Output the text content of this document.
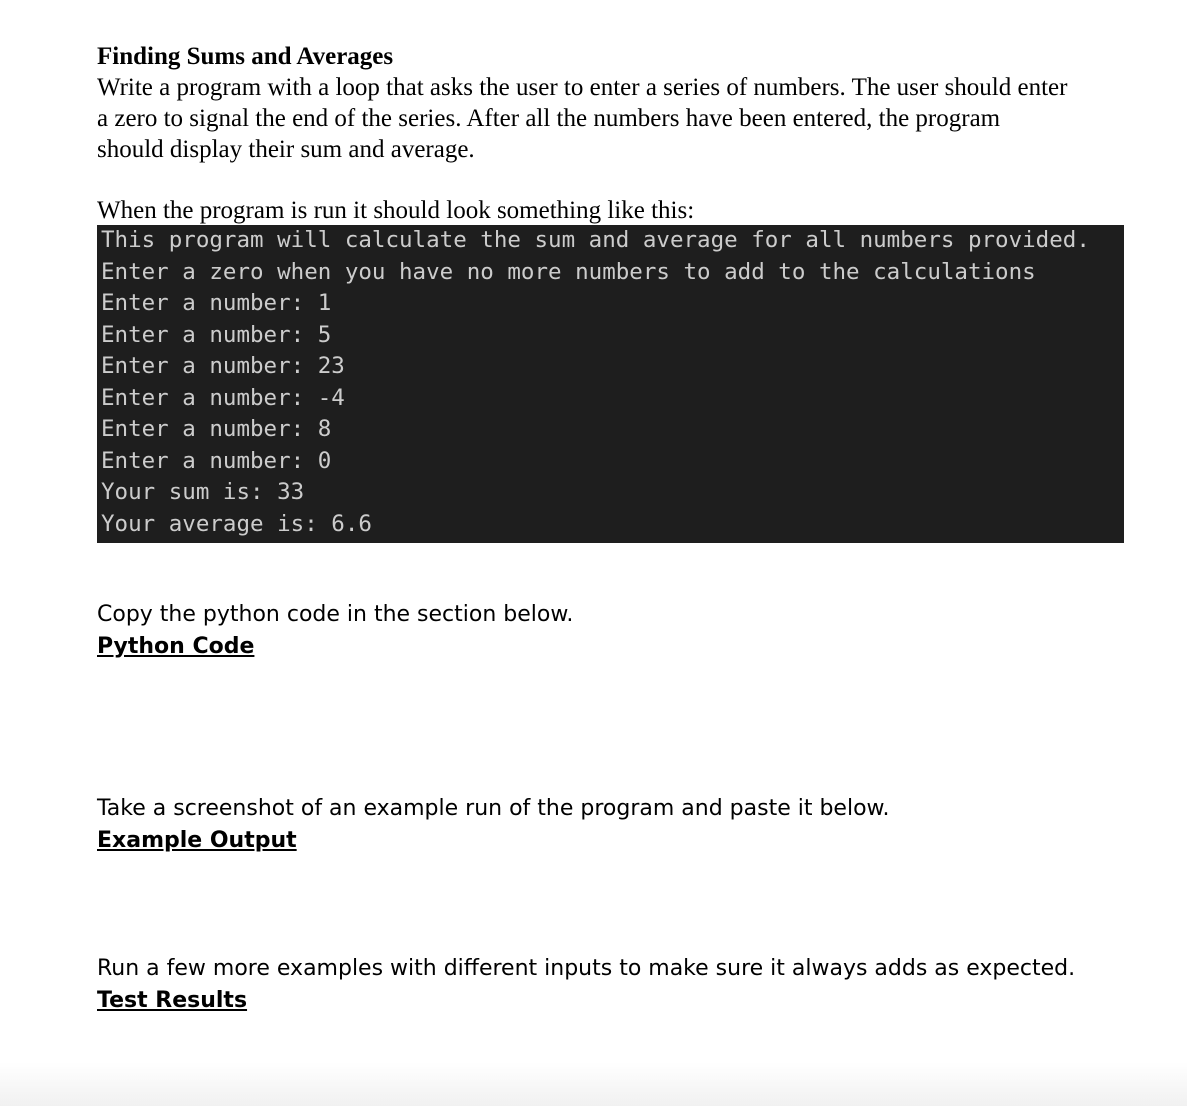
Finding Sums and Averages

Write a program with a loop that asks the user to enter a series of numbers. The user should enter

a zero to signal the end of the series. After all the numbers have been entered, the program

should display their sum and average.

When the program is run it should look something like this:

This program will calculate the sum and average for all numbers provided.
Enter a zero when you have no more numbers to add to the calculations
Enter a number: 1
Enter a number: 5
Enter a number: 23
Enter a number: -4
Enter a number: 8
Enter a number: 0
Your sum is: 33
Your average is: 6.6

Copy the python code in the section below.

Python Code

Take a screenshot of an example run of the program and paste it below.

Example Output

Run a few more examples with different inputs to make sure it always adds as expected.

Test Results
